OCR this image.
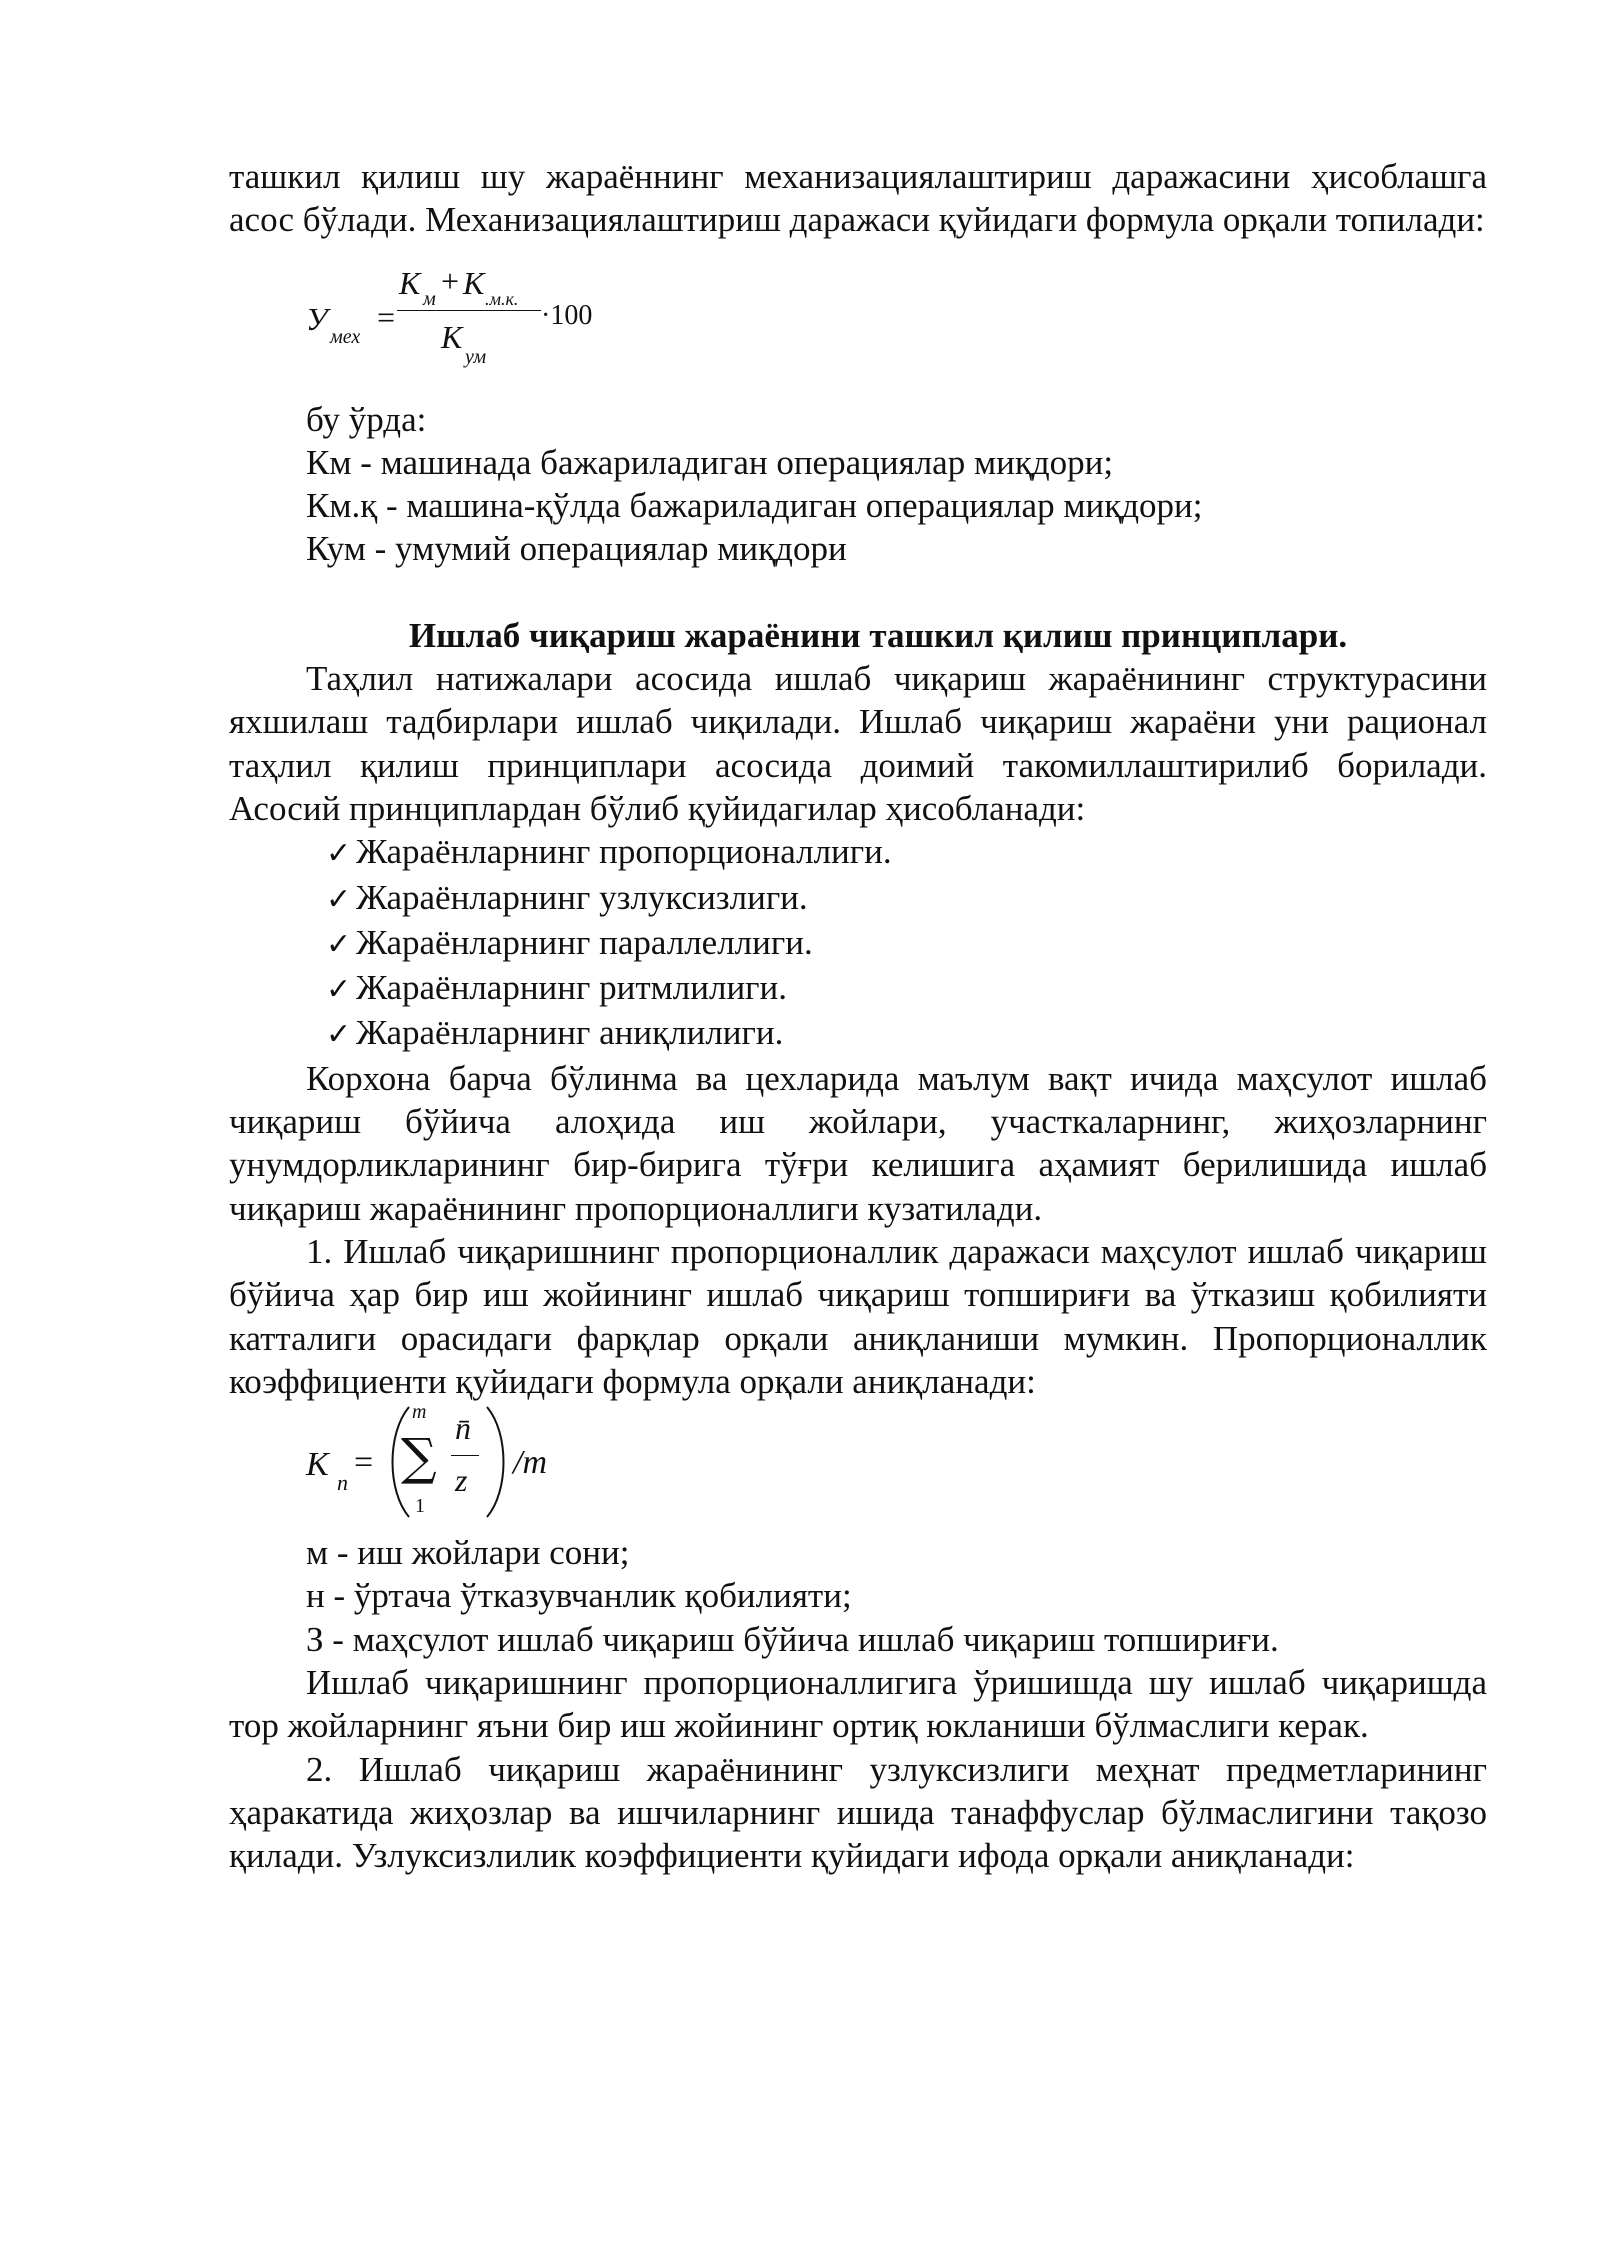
ташкил қилиш шу жараённинг механизациялаштириш даражасини ҳисоблашга асос бўлади. Механизациялаштириш даражаси қуйидаги формула орқали топилади:

У мех
=
К м + К .м.к.
К
ум
·100

бу ўрда:

Км - машинада бажариладиган операциялар миқдори;

Км.қ - машина-қўлда бажариладиган операциялар миқдори;

Кум - умумий операциялар миқдори

Ишлаб чиқариш жараёнини ташкил қилиш принциплари.

Таҳлил натижалари асосида ишлаб чиқариш жараёнининг структурасини яхшилаш тадбирлари ишлаб чиқилади. Ишлаб чиқариш жараёни уни рационал таҳлил қилиш принциплари асосида доимий такомиллаштирилиб борилади. Асосий принциплардан бўлиб қуйидагилар ҳисобланади:

✓ Жараёнларнинг пропорционаллиги.
✓ Жараёнларнинг узлуксизлиги.
✓ Жараёнларнинг параллеллиги.
✓ Жараёнларнинг ритмлилиги.
✓ Жараёнларнинг аниқлилиги.

Корхона барча бўлинма ва цехларида маълум вақт ичида маҳсулот ишлаб чиқариш бўйича алоҳида иш жойлари, участкаларнинг, жиҳозларнинг унумдорликларининг бир-бирига тўғри келишига аҳамият берилишида ишлаб чиқариш жараёнининг пропорционаллиги кузатилади.

1. Ишлаб чиқаришнинг пропорционаллик даражаси маҳсулот ишлаб чиқариш бўйича ҳар бир иш жойининг ишлаб чиқариш топшириғи ва ўтказиш қобилияти катталиги орасидаги фарқлар орқали аниқланиши мумкин. Пропорционаллик коэффициенти қуйидаги формула орқали аниқланади:

K n
=
m
∑
1
n̄
z /m

м - иш жойлари сони;

н - ўртача ўтказувчанлик қобилияти;

З - маҳсулот ишлаб чиқариш бўйича ишлаб чиқариш топшириғи.

Ишлаб чиқаришнинг пропорционаллигига ўришишда шу ишлаб чиқаришда тор жойларнинг яъни бир иш жойининг ортиқ юкланиши бўлмаслиги керак.

2. Ишлаб чиқариш жараёнининг узлуксизлиги меҳнат предметларининг ҳаракатида жиҳозлар ва ишчиларнинг ишида танаффуслар бўлмаслигини тақозо қилади. Узлуксизлилик коэффициенти қуйидаги ифода орқали аниқланади:
